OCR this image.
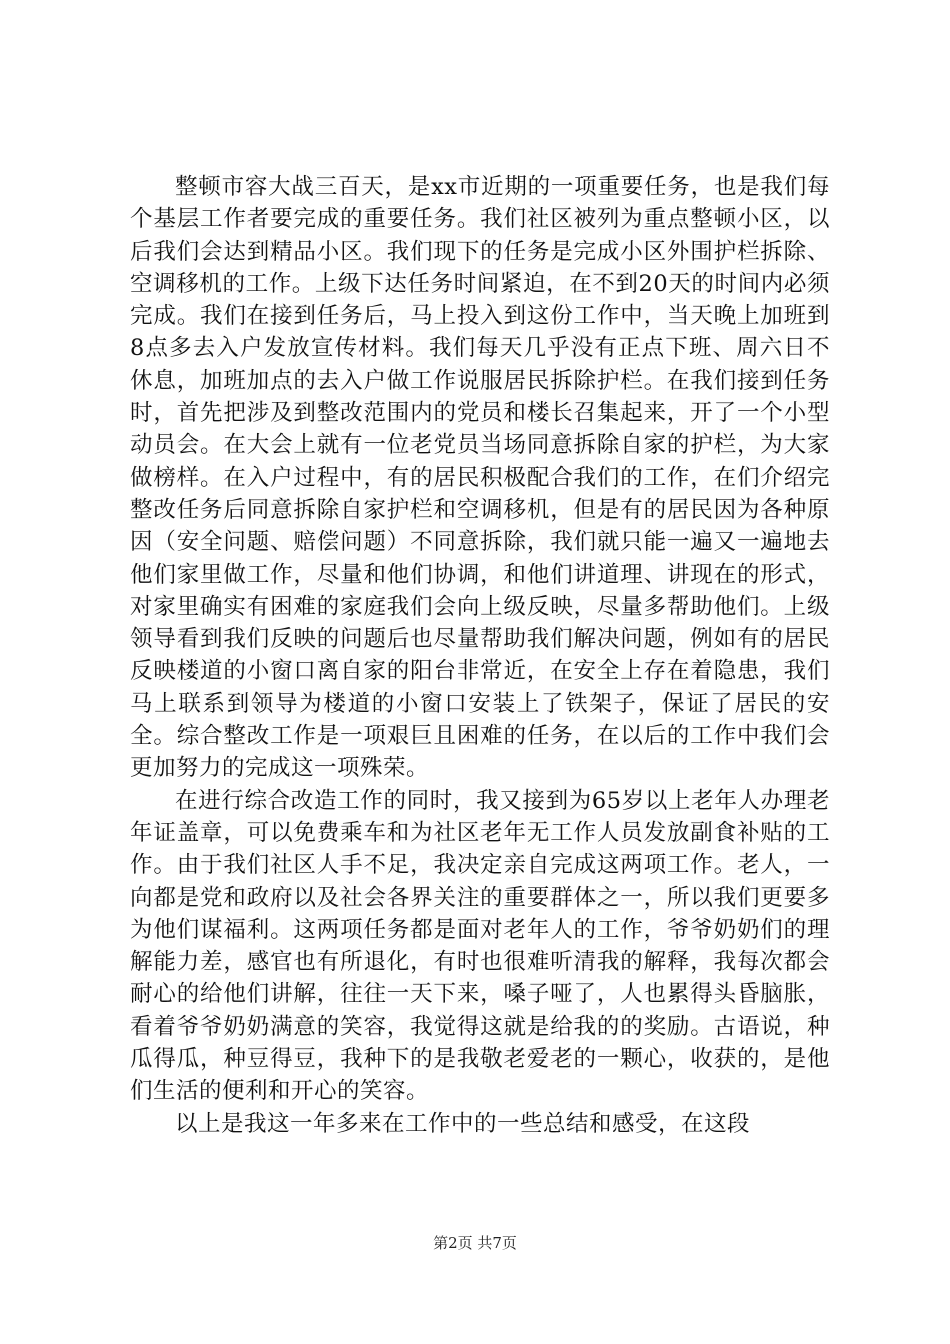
整顿市容大战三百天，是xx市近期的一项重要任务，也是我们每个基层工作者要完成的重要任务。我们社区被列为重点整顿小区，以后我们会达到精品小区。我们现下的任务是完成小区外围护栏拆除、空调移机的工作。上级下达任务时间紧迫，在不到20天的时间内必须完成。我们在接到任务后，马上投入到这份工作中，当天晚上加班到8点多去入户发放宣传材料。我们每天几乎没有正点下班、周六日不休息，加班加点的去入户做工作说服居民拆除护栏。在我们接到任务时，首先把涉及到整改范围内的党员和楼长召集起来，开了一个小型动员会。在大会上就有一位老党员当场同意拆除自家的护栏，为大家做榜样。在入户过程中，有的居民积极配合我们的工作，在们介绍完整改任务后同意拆除自家护栏和空调移机，但是有的居民因为各种原因（安全问题、赔偿问题）不同意拆除，我们就只能一遍又一遍地去他们家里做工作，尽量和他们协调，和他们讲道理、讲现在的形式，对家里确实有困难的家庭我们会向上级反映，尽量多帮助他们。上级领导看到我们反映的问题后也尽量帮助我们解决问题，例如有的居民反映楼道的小窗口离自家的阳台非常近，在安全上存在着隐患，我们马上联系到领导为楼道的小窗口安装上了铁架子，保证了居民的安全。综合整改工作是一项艰巨且困难的任务，在以后的工作中我们会更加努力的完成这一项殊荣。

在进行综合改造工作的同时，我又接到为65岁以上老年人办理老年证盖章，可以免费乘车和为社区老年无工作人员发放副食补贴的工作。由于我们社区人手不足，我决定亲自完成这两项工作。老人，一向都是党和政府以及社会各界关注的重要群体之一，所以我们更要多为他们谋福利。这两项任务都是面对老年人的工作，爷爷奶奶们的理解能力差，感官也有所退化，有时也很难听清我的解释，我每次都会耐心的给他们讲解，往往一天下来，嗓子哑了，人也累得头昏脑胀，看着爷爷奶奶满意的笑容，我觉得这就是给我的的奖励。古语说，种瓜得瓜，种豆得豆，我种下的是我敬老爱老的一颗心，收获的，是他们生活的便利和开心的笑容。

以上是我这一年多来在工作中的一些总结和感受，在这段

第2页 共7页
